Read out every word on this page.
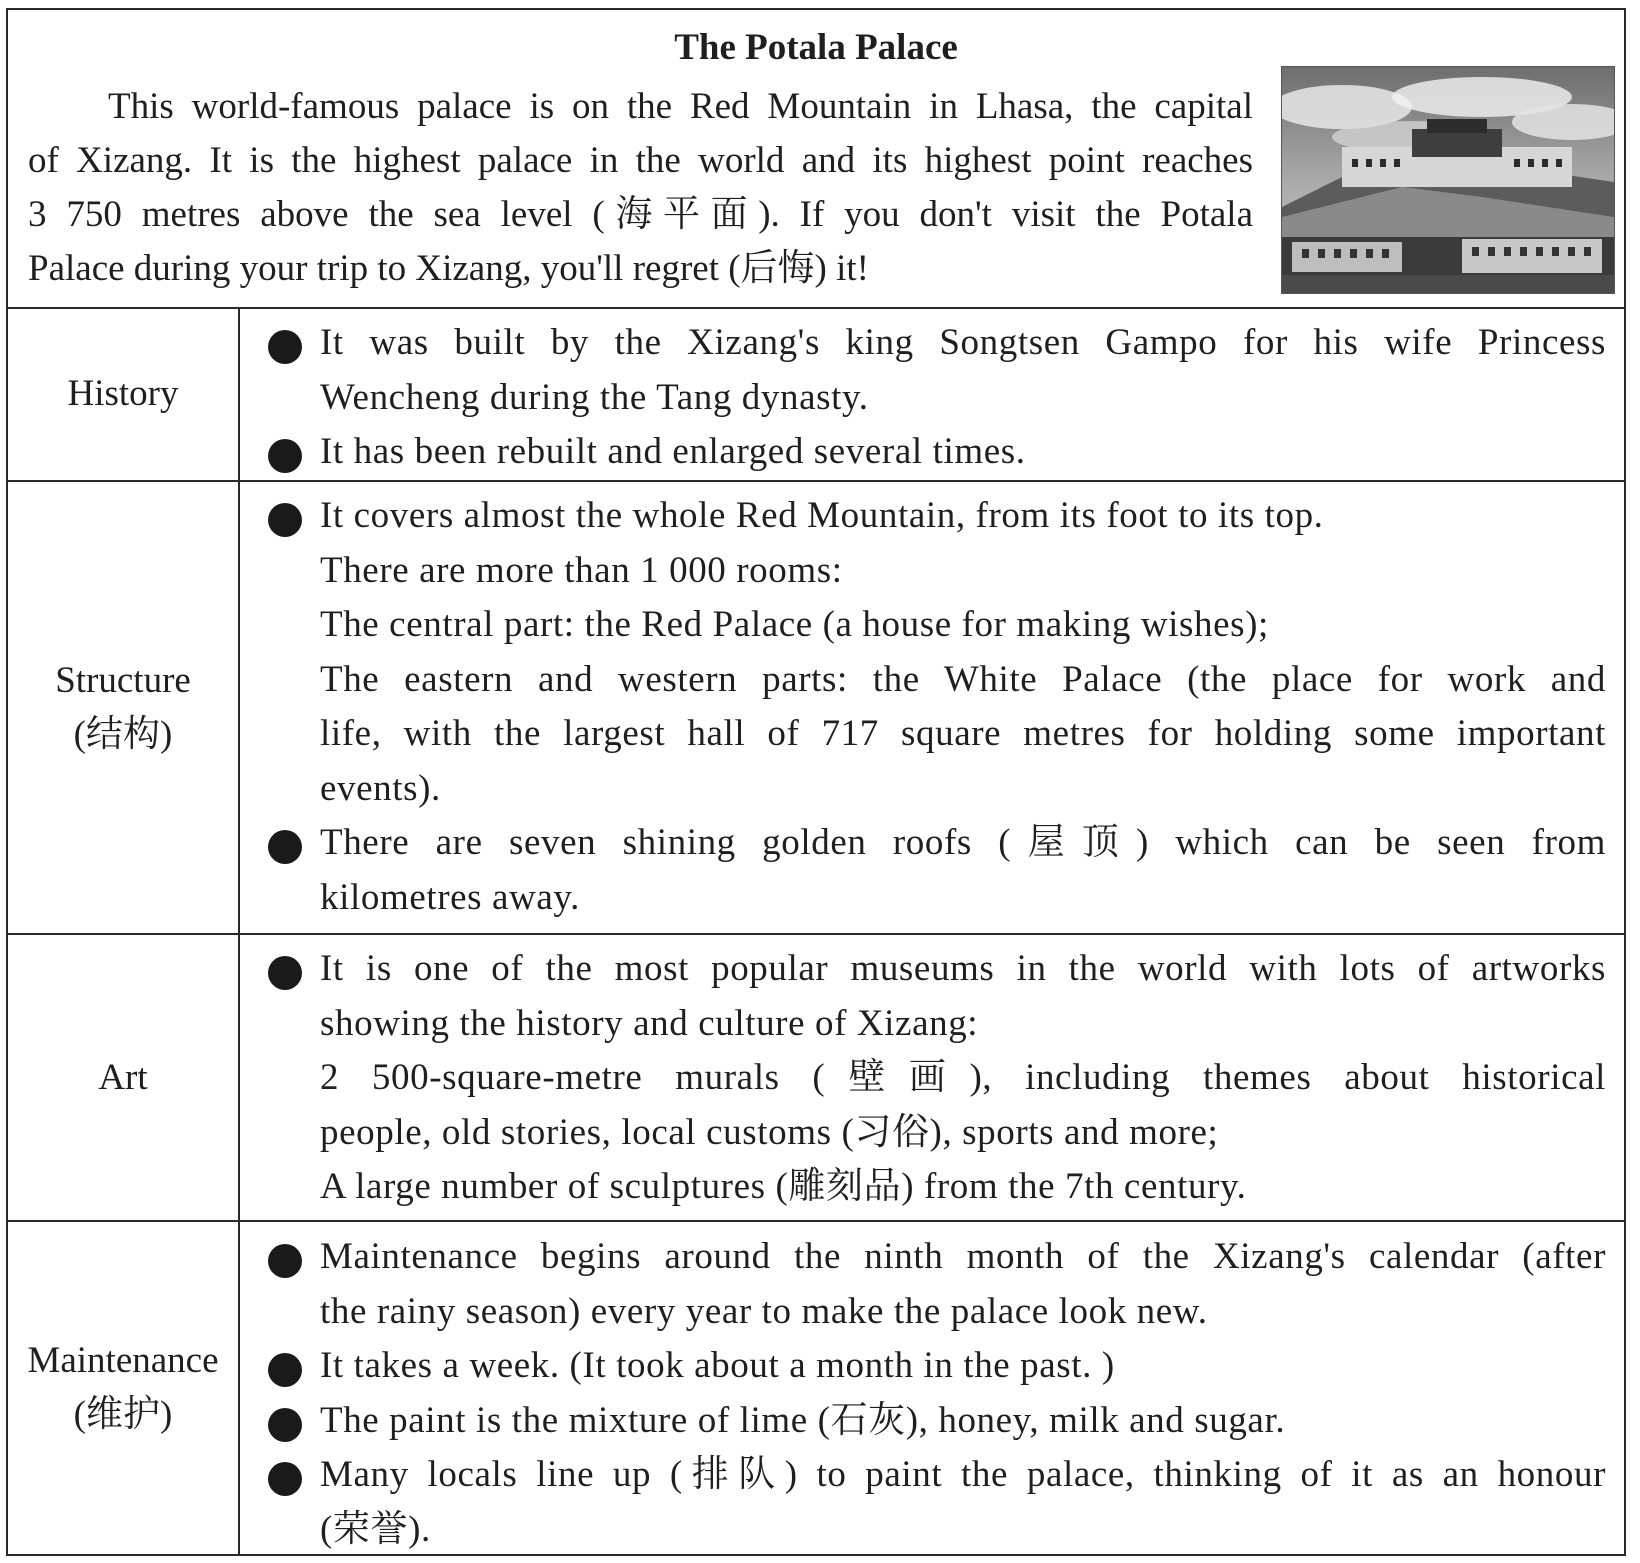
The Potala Palace
This world-famous palace is on the Red Mountain in Lhasa, the capital
of Xizang. It is the highest palace in the world and its highest point reaches
3 750 metres above the sea level (海平面). If you don't visit the Potala
Palace during your trip to Xizang, you'll regret (后悔) it!
History
It was built by the Xizang's king Songtsen Gampo for his wife Princess
Wencheng during the Tang dynasty.
It has been rebuilt and enlarged several times.
Structure
(结构)
It covers almost the whole Red Mountain, from its foot to its top.
There are more than 1 000 rooms:
The central part: the Red Palace (a house for making wishes);
The eastern and western parts: the White Palace (the place for work and
life, with the largest hall of 717 square metres for holding some important
events).
There are seven shining golden roofs (屋顶) which can be seen from
kilometres away.
Art
It is one of the most popular museums in the world with lots of artworks
showing the history and culture of Xizang:
2 500-square-metre murals (壁画), including themes about historical
people, old stories, local customs (习俗), sports and more;
A large number of sculptures (雕刻品) from the 7th century.
Maintenance
(维护)
Maintenance begins around the ninth month of the Xizang's calendar (after
the rainy season) every year to make the palace look new.
It takes a week. (It took about a month in the past. )
The paint is the mixture of lime (石灰), honey, milk and sugar.
Many locals line up (排队) to paint the palace, thinking of it as an honour
(荣誉).
